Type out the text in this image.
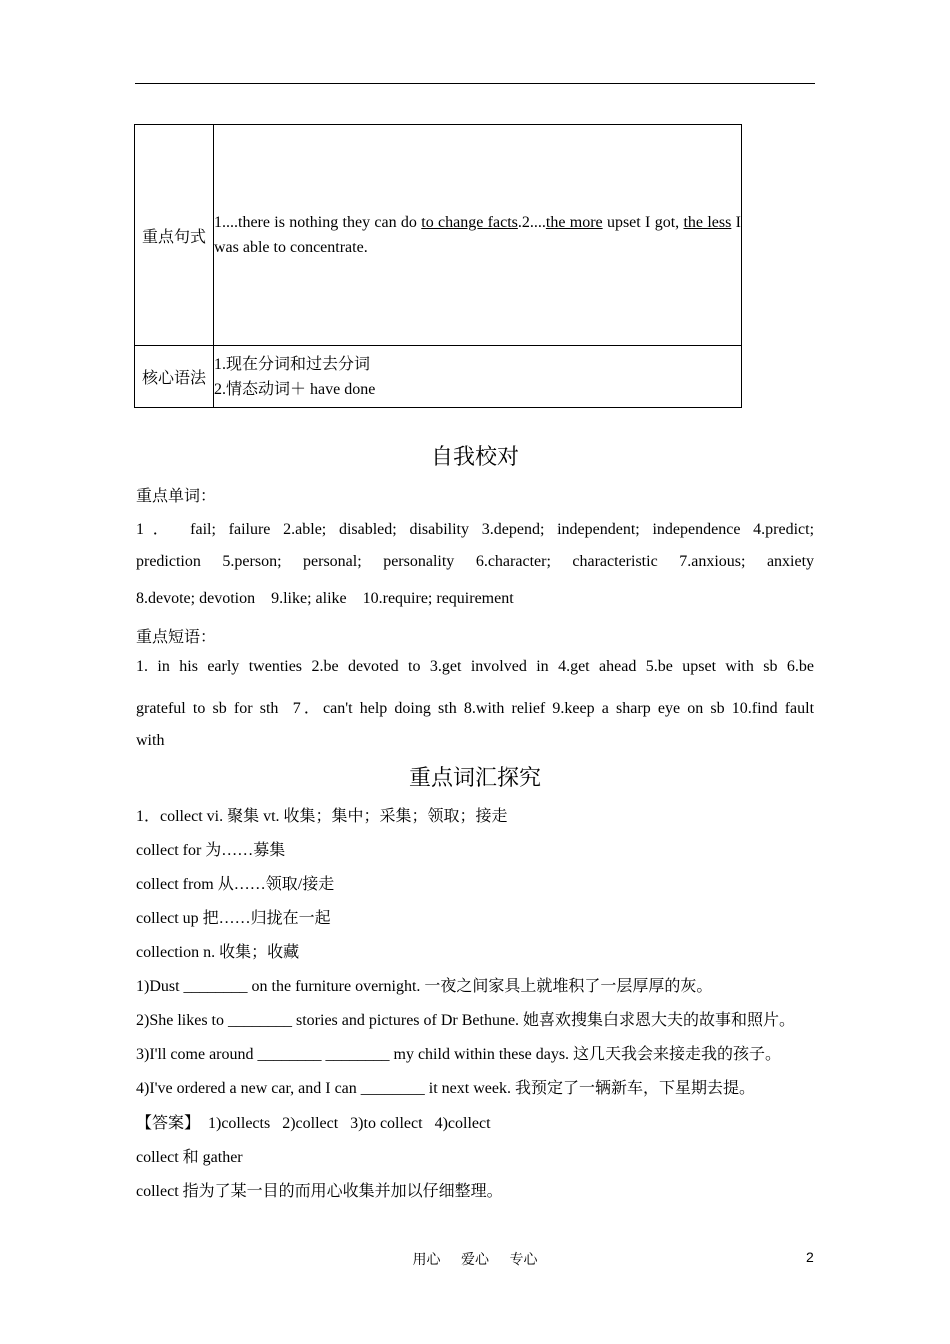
重点句式	1....there is nothing they can do to change facts.2....the more upset I got, the less I was able to concentrate.
核心语法	1.现在分词和过去分词
2.情态动词＋ have done
自我校对
重点单词：
1． fail; failure 2.able; disabled; disability 3.depend; independent; independence 4.predict;
prediction 5.person; personal; personality 6.character; characteristic 7.anxious; anxiety
8.devote; devotion    9.like; alike    10.require; requirement
重点短语：
1. in his early twenties 2.be devoted to 3.get involved in 4.get ahead 5.be upset with sb 6.be
grateful to sb for sth  7．can't help doing sth 8.with relief 9.keep a sharp eye on sb 10.find fault
with
重点词汇探究
1．collect vi. 聚集 vt. 收集；集中；采集；领取；接走
collect for 为……募集
collect from 从……领取/接走
collect up 把……归拢在一起
collection n. 收集；收藏
1)Dust ________ on the furniture overnight. 一夜之间家具上就堆积了一层厚厚的灰。
2)She likes to ________ stories and pictures of Dr Bethune. 她喜欢搜集白求恩大夫的故事和照片。
3)I'll come around ________ ________ my child within these days. 这几天我会来接走我的孩子。
4)I've ordered a new car, and I can ________ it next week. 我预定了一辆新车，下星期去提。
【答案】  1)collects   2)collect   3)to collect   4)collect
collect 和 gather
collect 指为了某一目的而用心收集并加以仔细整理。
用心 爱心 专心	2
